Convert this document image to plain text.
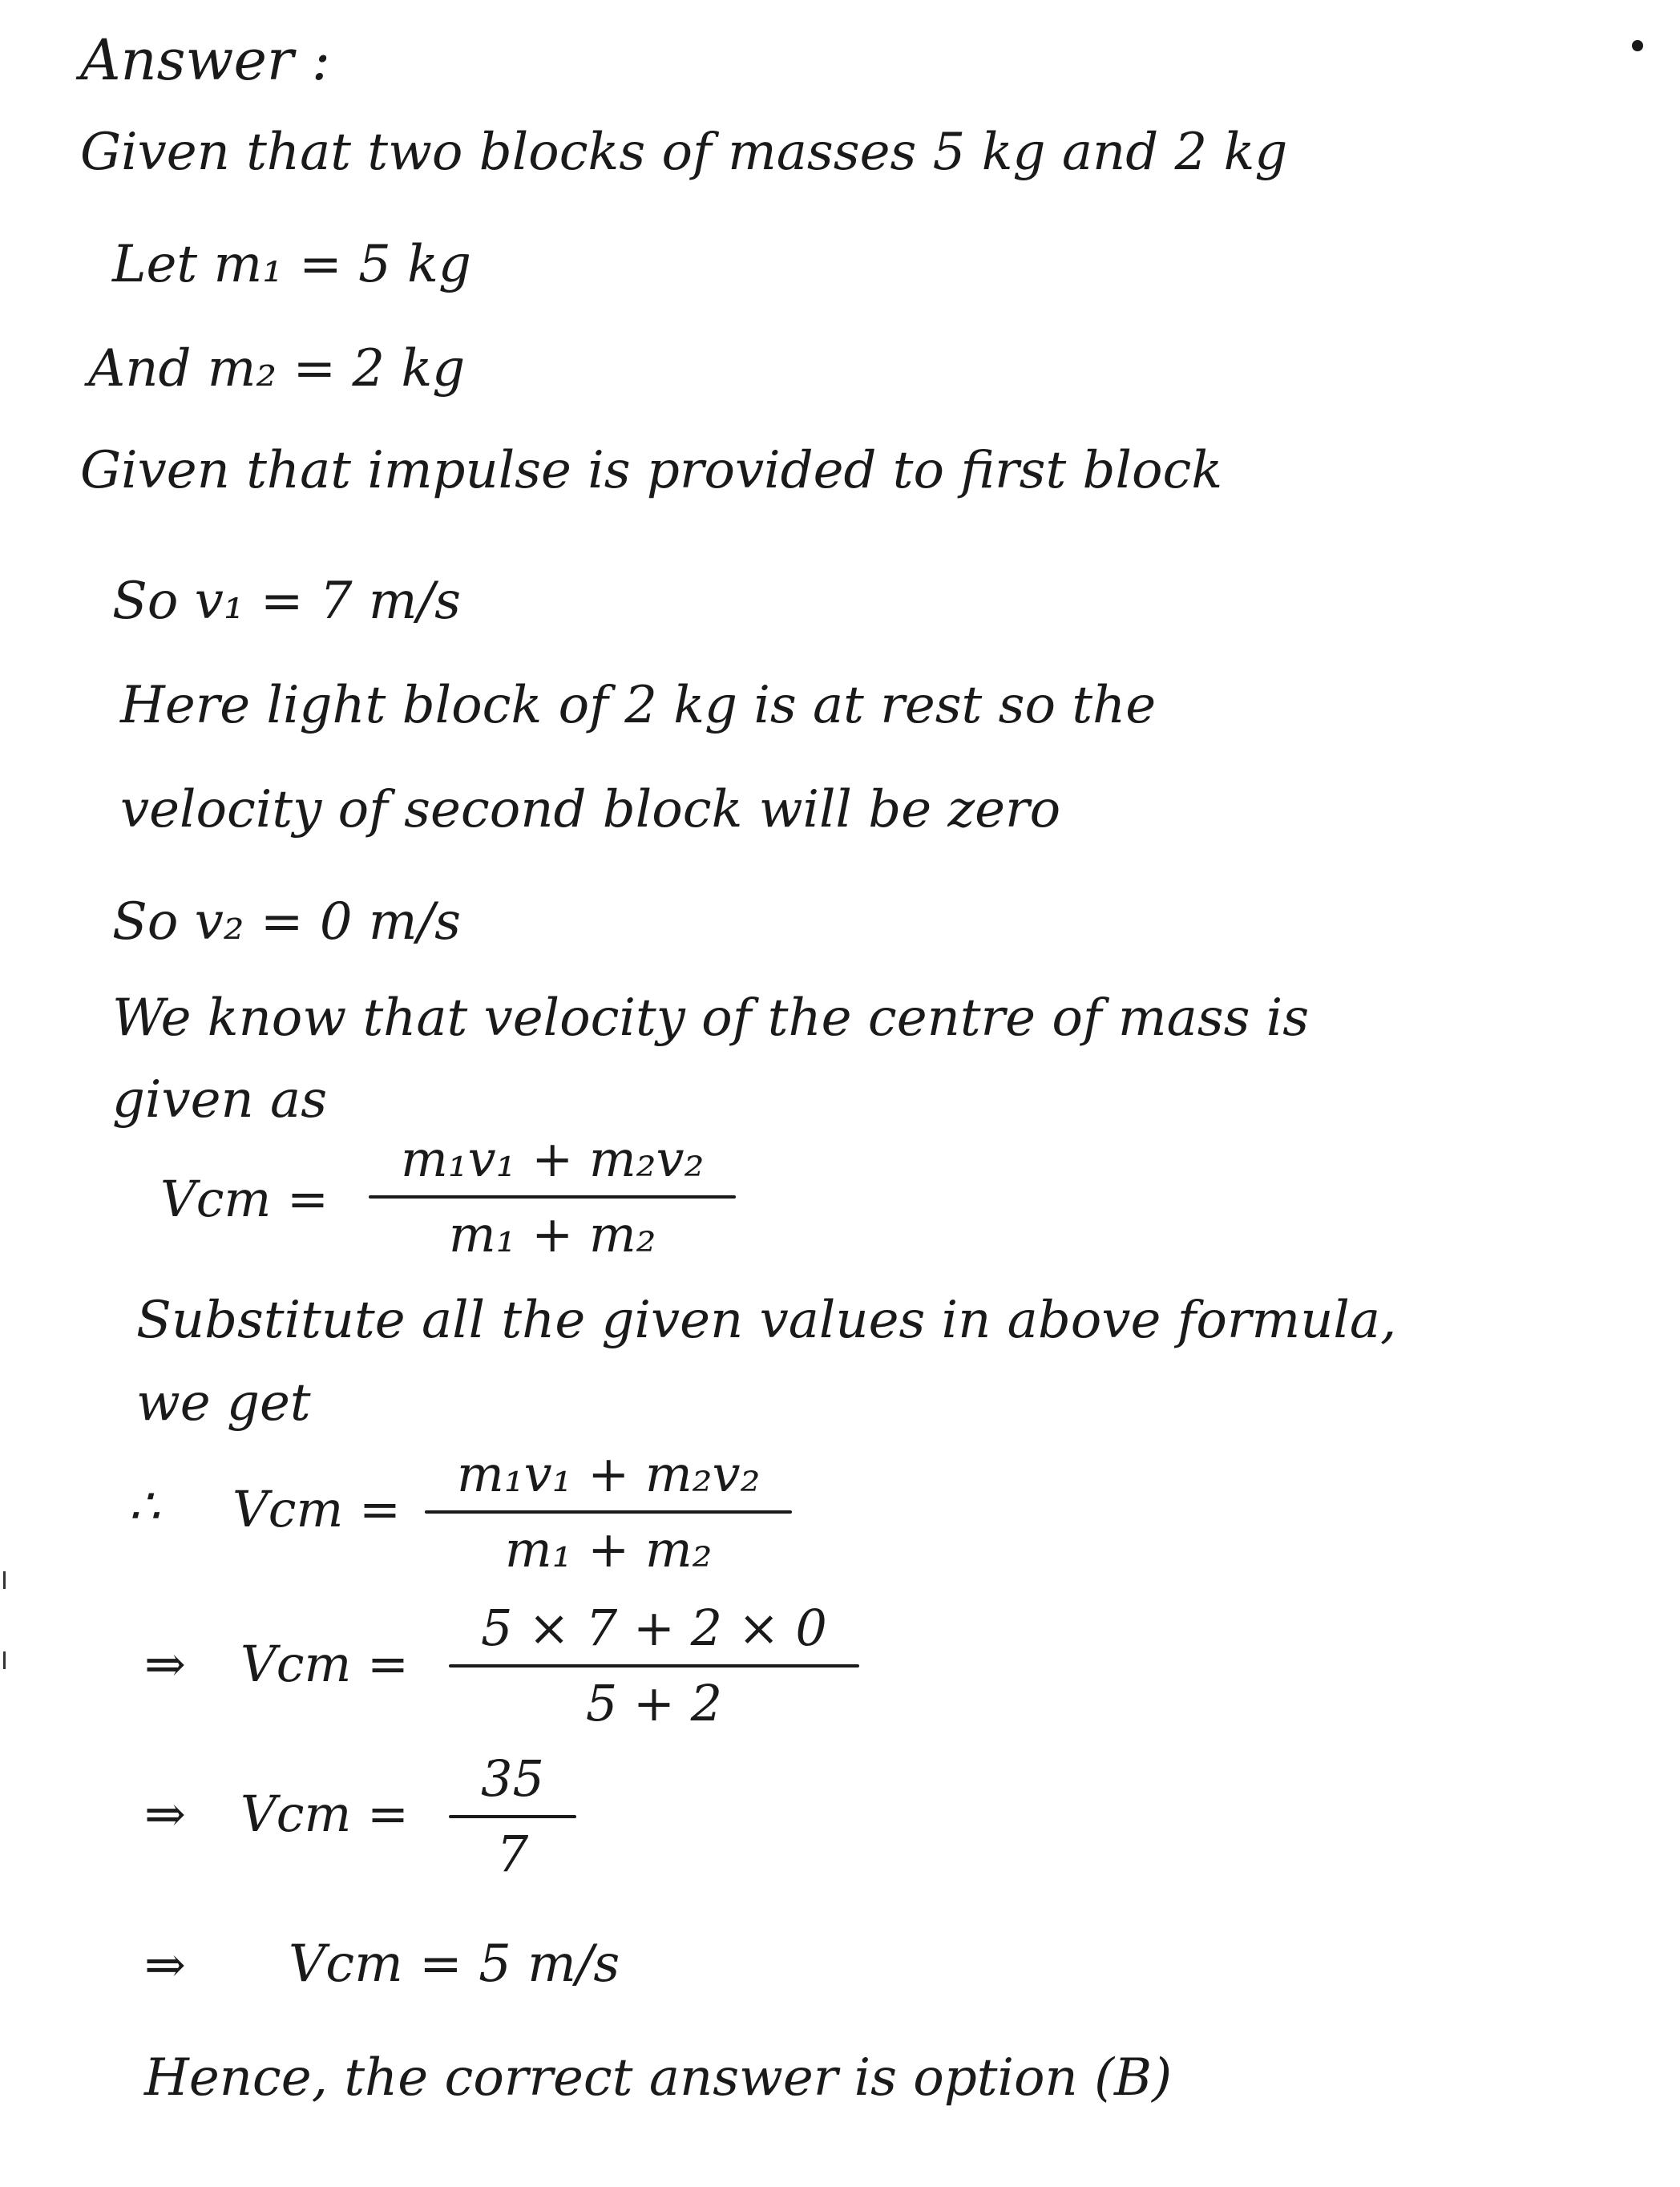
Answer :
Given that two blocks of masses 5 kg and 2 kg
Let m₁ = 5 kg
And m₂ = 2 kg
Given that impulse is provided to first block
So v₁ = 7 m/s
Here light block of 2 kg is at rest so the
velocity of second block will be zero
So v₂ = 0 m/s
We know that velocity of the centre of mass is
given as
Vcm =
m₁v₁ + m₂v₂
m₁ + m₂
Substitute all the given values in above formula,
we get
∴ Vcm =
m₁v₁ + m₂v₂
m₁ + m₂
⇒ Vcm =
5 × 7 + 2 × 0
5 + 2
⇒ Vcm =
35
7
⇒ Vcm = 5 m/s
Hence, the correct answer is option (B)
